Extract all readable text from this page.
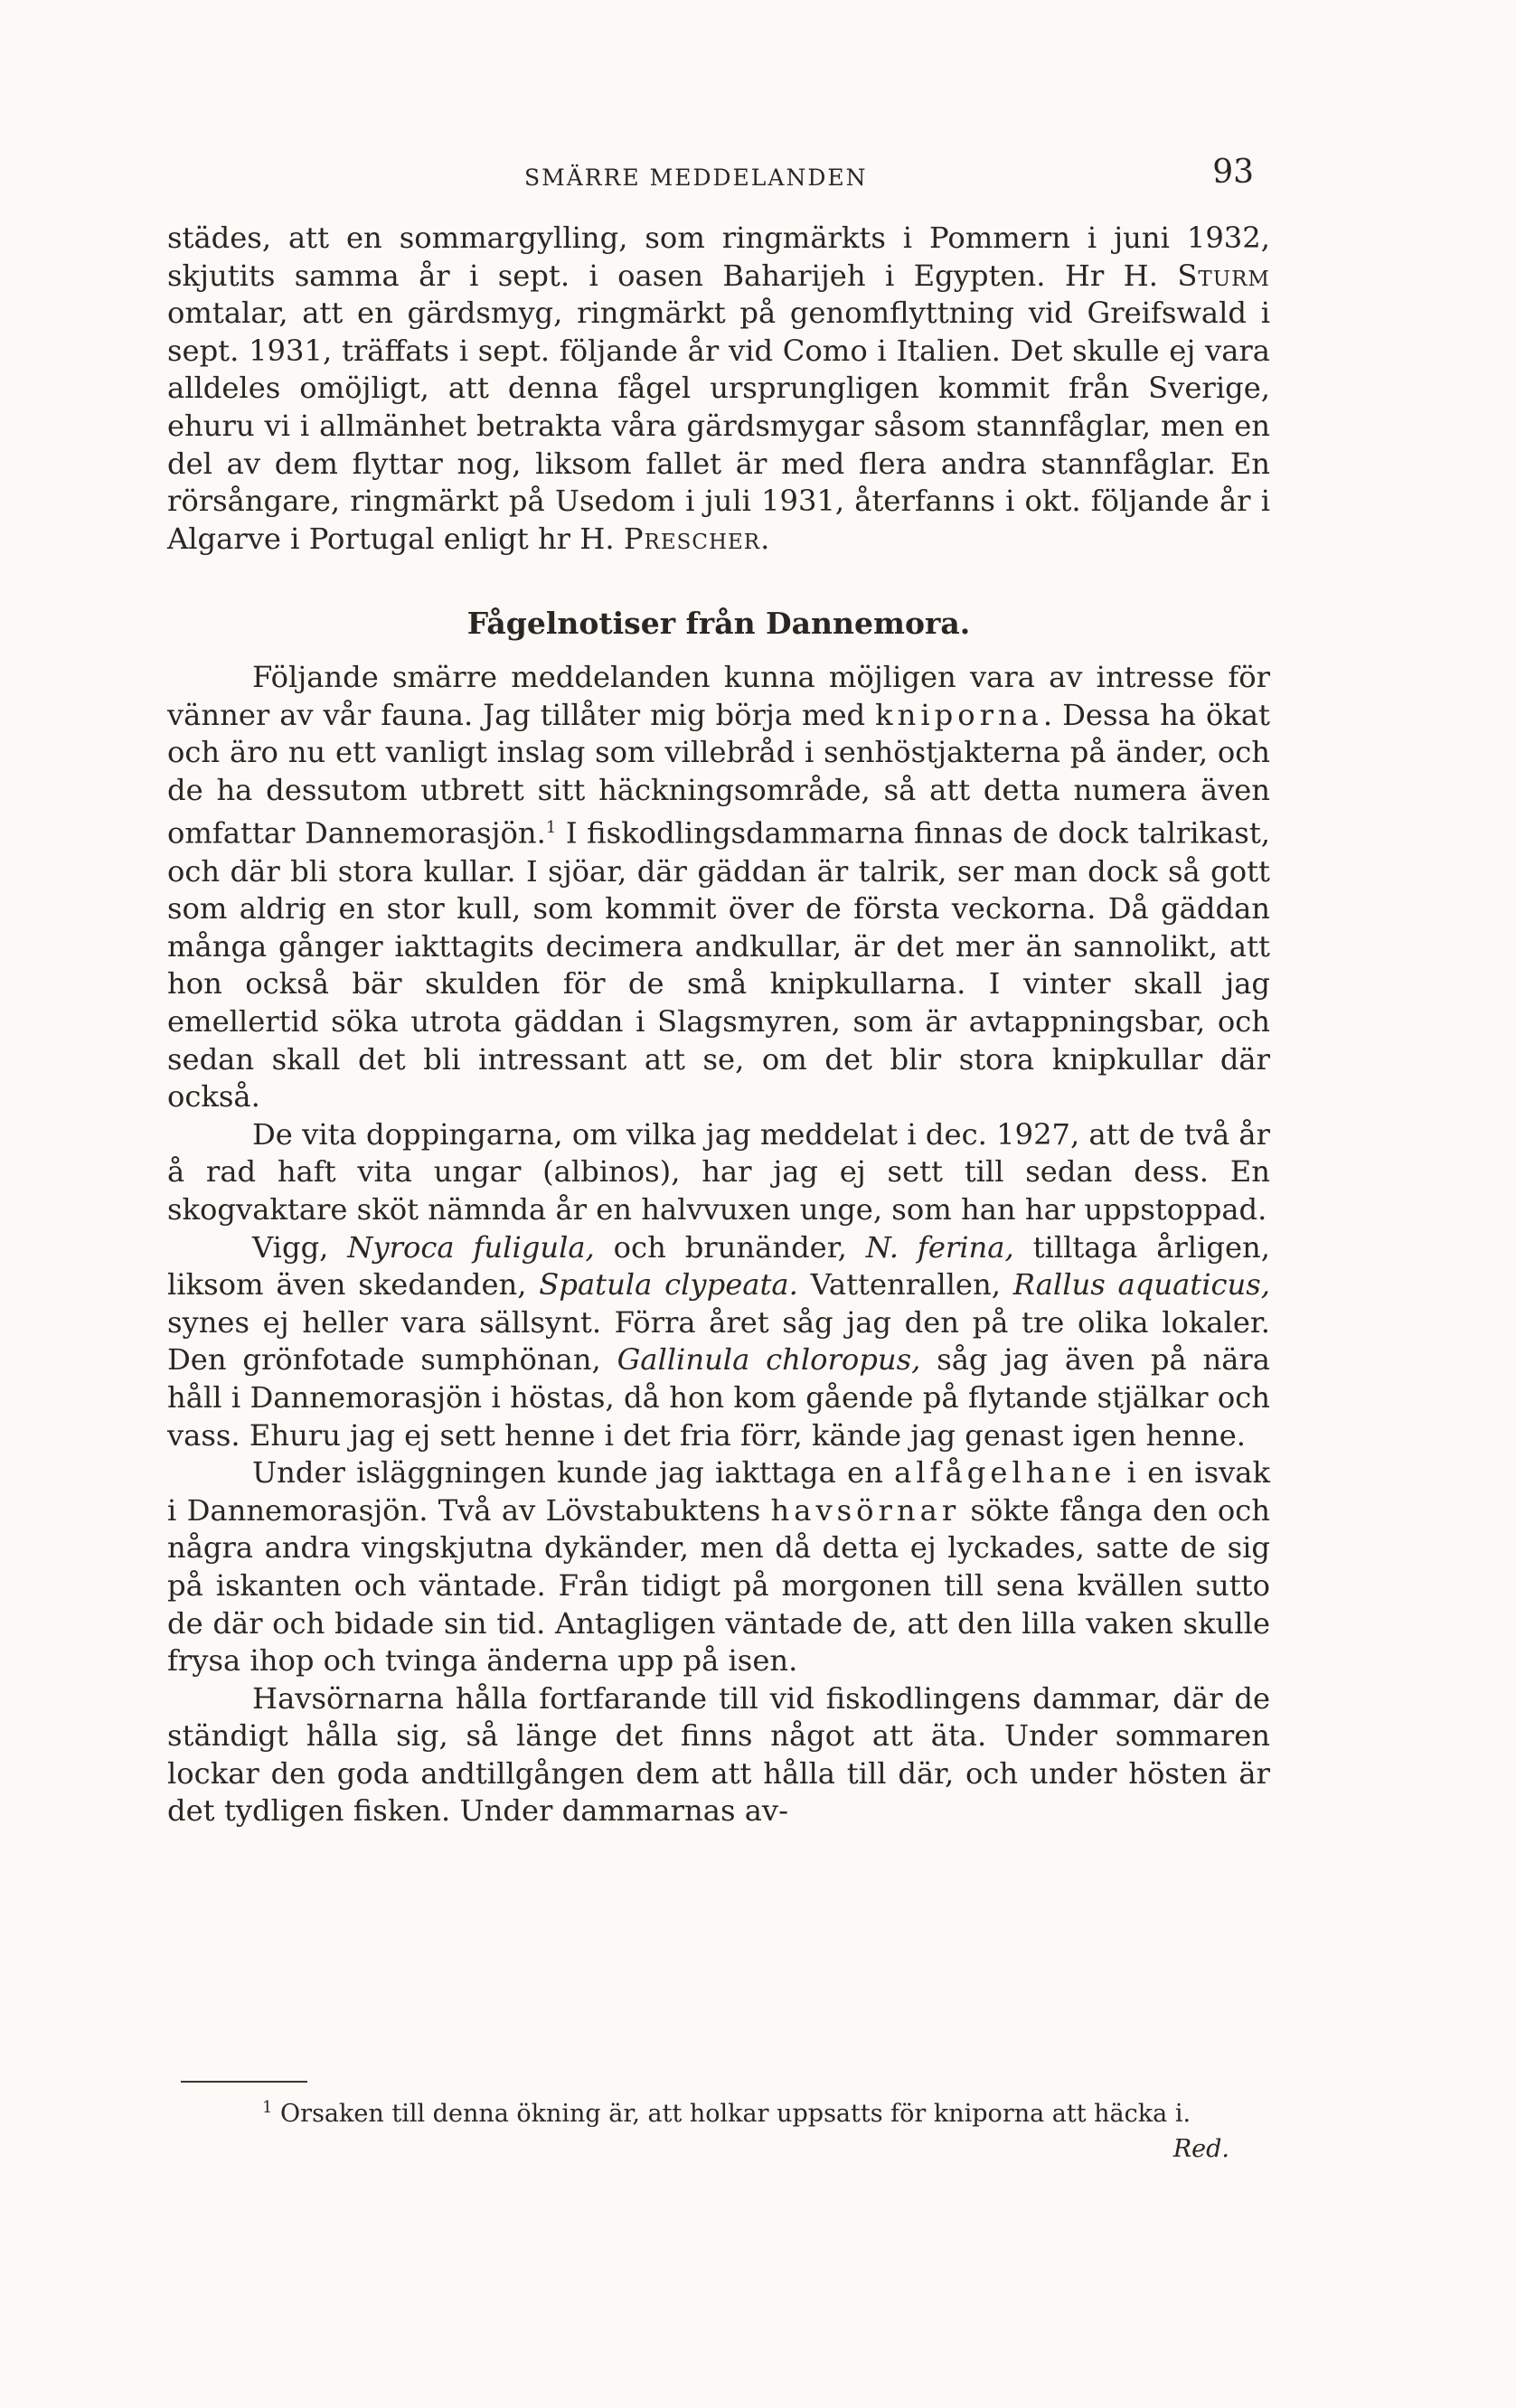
SMÄRRE MEDDELANDEN	93

städes, att en sommargylling, som ringmärkts i Pommern i juni 1932, skjutits samma år i sept. i oasen Baharijeh i Egypten. Hr H. Sturm omtalar, att en gärdsmyg, ringmärkt på genomflyttning vid Greifswald i sept. 1931, träffats i sept. följande år vid Como i Italien. Det skulle ej vara alldeles omöjligt, att denna fågel ursprungligen kommit från Sverige, ehuru vi i allmänhet betrakta våra gärdsmygar såsom stannfåglar, men en del av dem flyttar nog, liksom fallet är med flera andra stannfåglar. En rörsångare, ringmärkt på Usedom i juli 1931, återfanns i okt. följande år i Algarve i Portugal enligt hr H. Prescher.

Fågelnotiser från Dannemora.

Följande smärre meddelanden kunna möjligen vara av intresse för vänner av vår fauna. Jag tillåter mig börja med kniporna. Dessa ha ökat och äro nu ett vanligt inslag som villebråd i senhöstjakterna på änder, och de ha dessutom utbrett sitt häckningsområde, så att detta numera även omfattar Dannemorasjön.$^1$ I fiskodlingsdammarna finnas de dock talrikast, och där bli stora kullar. I sjöar, där gäddan är talrik, ser man dock så gott som aldrig en stor kull, som kommit över de första veckorna. Då gäddan många gånger iakttagits decimera andkullar, är det mer än sannolikt, att hon också bär skulden för de små knipkullarna. I vinter skall jag emellertid söka utrota gäddan i Slagsmyren, som är avtappningsbar, och sedan skall det bli intressant att se, om det blir stora knipkullar där också.

De vita doppingarna, om vilka jag meddelat i dec. 1927, att de två år å rad haft vita ungar (albinos), har jag ej sett till sedan dess. En skogvaktare sköt nämnda år en halvvuxen unge, som han har uppstoppad.

Vigg, Nyroca fuligula, och brunänder, N. ferina, tilltaga årligen, liksom även skedanden, Spatula clypeata. Vattenrallen, Rallus aquaticus, synes ej heller vara sällsynt. Förra året såg jag den på tre olika lokaler. Den grönfotade sumphönan, Gallinula chloropus, såg jag även på nära håll i Dannemorasjön i höstas, då hon kom gående på flytande stjälkar och vass. Ehuru jag ej sett henne i det fria förr, kände jag genast igen henne.

Under isläggningen kunde jag iakttaga en alfågelhane i en isvak i Dannemorasjön. Två av Lövstabuktens havsörnar sökte fånga den och några andra vingskjutna dykänder, men då detta ej lyckades, satte de sig på iskanten och väntade. Från tidigt på morgonen till sena kvällen sutto de där och bidade sin tid. Antagligen väntade de, att den lilla vaken skulle frysa ihop och tvinga änderna upp på isen.

Havsörnarna hålla fortfarande till vid fiskodlingens dammar, där de ständigt hålla sig, så länge det finns något att äta. Under sommaren lockar den goda andtillgången dem att hålla till där, och under hösten är det tydligen fisken. Under dammarnas av-

$^1$ Orsaken till denna ökning är, att holkar uppsatts för kniporna att häcka i.
Red.
